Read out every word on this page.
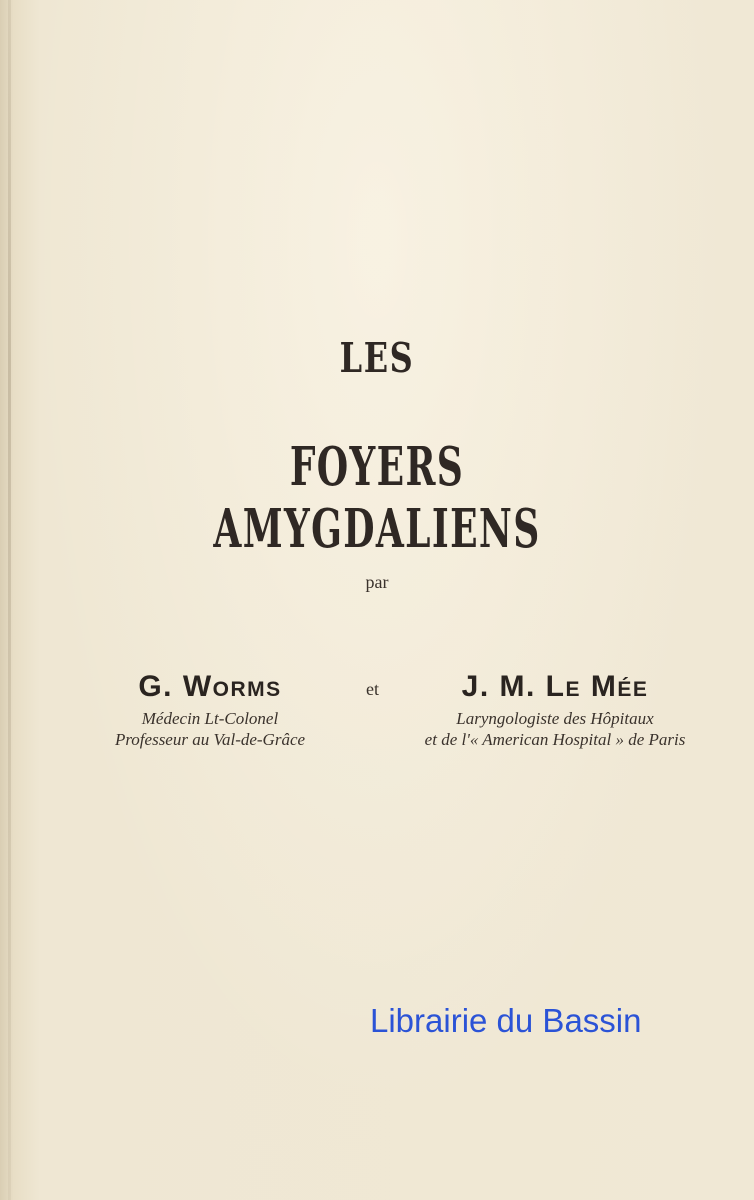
LES
FOYERS AMYGDALIENS
par
G. Worms
Médecin Lt-Colonel
Professeur au Val-de-Grâce
et	J. M. Le Mée
Laryngologiste des Hôpitaux
et de l'« American Hospital » de Paris
Librairie du Bassin
